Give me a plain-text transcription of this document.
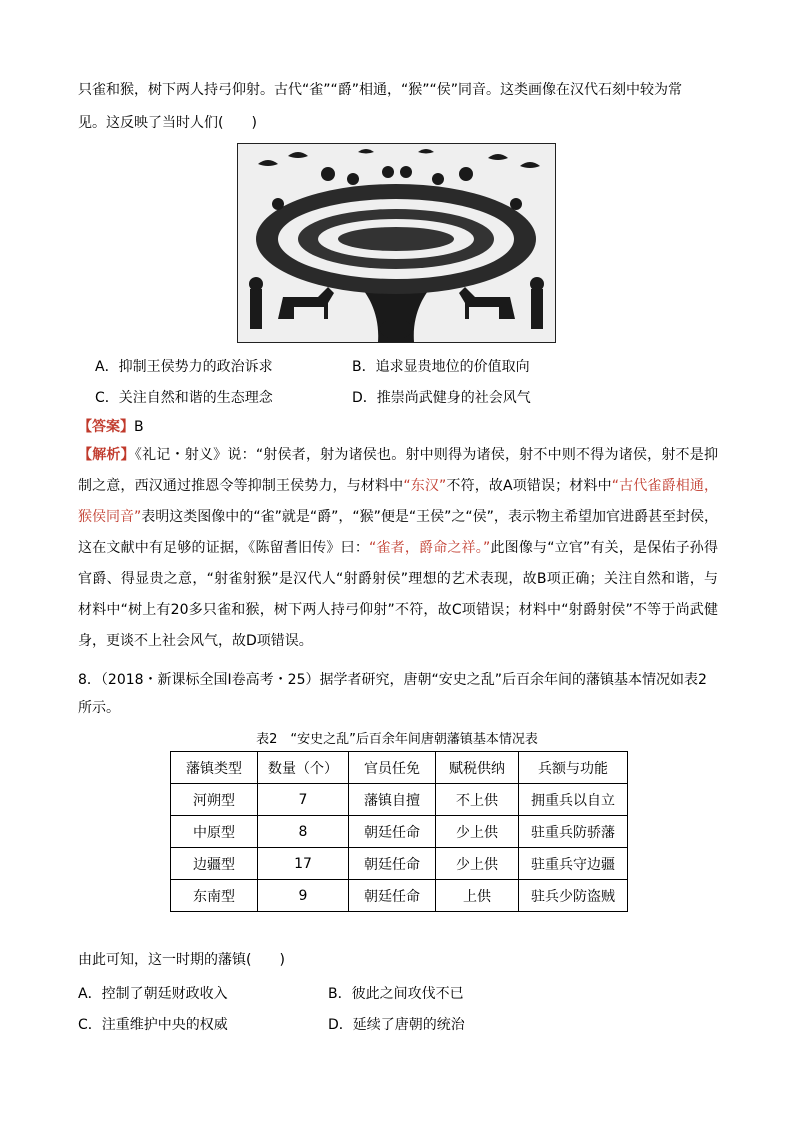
只雀和猴，树下两人持弓仰射。古代“雀”“爵”相通，“猴”“侯”同音。这类画像在汉代石刻中较为常
见。这反映了当时人们(　　)
A．抑制王侯势力的政治诉求	B．追求显贵地位的价值取向
C．关注自然和谐的生态理念	D．推崇尚武健身的社会风气
【答案】B
【解析】《礼记・射义》说：“射侯者，射为诸侯也。射中则得为诸侯，射不中则不得为诸侯，射不是抑制之意，西汉通过推恩令等抑制王侯势力，与材料中“东汉”不符，故A项错误；材料中“古代雀爵相通，猴侯同音”表明这类图像中的“雀”就是“爵”，“猴”便是“王侯”之“侯”，表示物主希望加官进爵甚至封侯，这在文献中有足够的证据，《陈留耆旧传》曰：“雀者，爵命之祥。”此图像与“立官”有关，是保佑子孙得官爵、得显贵之意，“射雀射猴”是汉代人“射爵射侯”理想的艺术表现，故B项正确；关注自然和谐，与材料中“树上有20多只雀和猴，树下两人持弓仰射”不符，故C项错误；材料中“射爵射侯”不等于尚武健身，更谈不上社会风气，故D项错误。
8．（2018・新课标全国Ⅰ卷高考・25）据学者研究，唐朝“安史之乱”后百余年间的藩镇基本情况如表2
所示。
表2　“安史之乱”后百余年间唐朝藩镇基本情况表
藩镇类型	数量（个）	官员任免	赋税供纳	兵额与功能
河朔型	7	藩镇自擅	不上供	拥重兵以自立
中原型	8	朝廷任命	少上供	驻重兵防骄藩
边疆型	17	朝廷任命	少上供	驻重兵守边疆
东南型	9	朝廷任命	上供	驻兵少防盗贼
由此可知，这一时期的藩镇(　　)
A．控制了朝廷财政收入	B．彼此之间攻伐不已
C．注重维护中央的权威	D．延续了唐朝的统治
